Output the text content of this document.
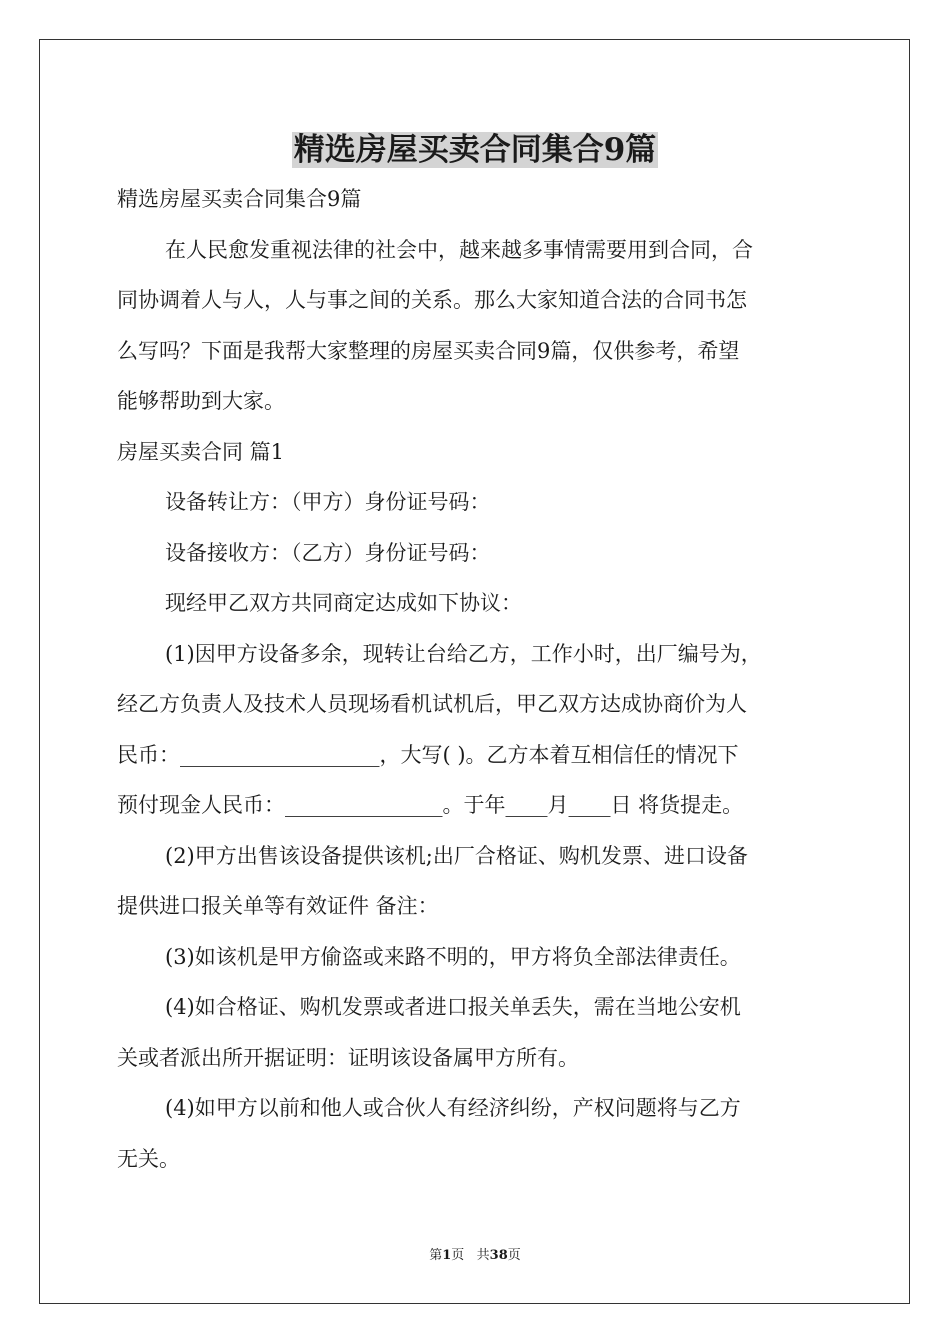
精选房屋买卖合同集合9篇
精选房屋买卖合同集合9篇
在人民愈发重视法律的社会中，越来越多事情需要用到合同，合
同协调着人与人，人与事之间的关系。那么大家知道合法的合同书怎
么写吗？下面是我帮大家整理的房屋买卖合同9篇，仅供参考，希望
能够帮助到大家。
房屋买卖合同 篇1
设备转让方：（甲方）身份证号码：
设备接收方：（乙方）身份证号码：
现经甲乙双方共同商定达成如下协议：
(1)因甲方设备多余，现转让台给乙方，工作小时，出厂编号为，
经乙方负责人及技术人员现场看机试机后，甲乙双方达成协商价为人
民币：___________________，大写( )。乙方本着互相信任的情况下
预付现金人民币：_______________。于年____月____日 将货提走。
(2)甲方出售该设备提供该机;出厂合格证、购机发票、进口设备
提供进口报关单等有效证件 备注：
(3)如该机是甲方偷盗或来路不明的，甲方将负全部法律责任。
(4)如合格证、购机发票或者进口报关单丢失，需在当地公安机
关或者派出所开据证明：证明该设备属甲方所有。
(4)如甲方以前和他人或合伙人有经济纠纷，产权问题将与乙方
无关。
第1页   共38页
